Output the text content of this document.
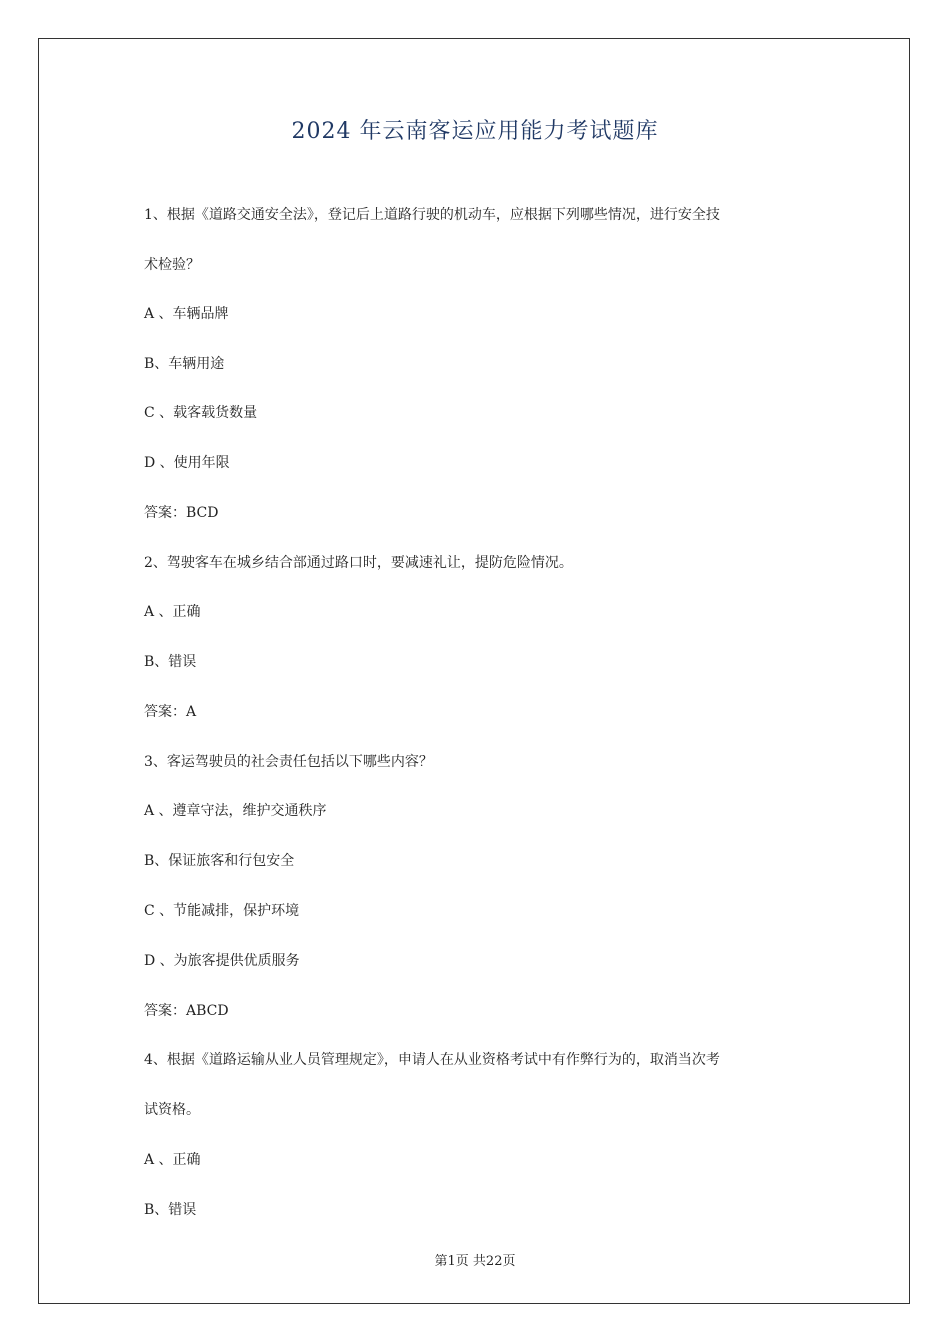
2024 年云南客运应用能力考试题库
1、根据《道路交通安全法》，登记后上道路行驶的机动车，应根据下列哪些情况，进行安全技
术检验？
A 、车辆品牌
B、车辆用途
C 、载客载货数量
D 、使用年限
答案：BCD
2、驾驶客车在城乡结合部通过路口时，要减速礼让，提防危险情况。
A 、正确
B、错误
答案：A
3、客运驾驶员的社会责任包括以下哪些内容？
A 、遵章守法，维护交通秩序
B、保证旅客和行包安全
C 、节能减排，保护环境
D 、为旅客提供优质服务
答案：ABCD
4、根据《道路运输从业人员管理规定》，申请人在从业资格考试中有作弊行为的，取消当次考
试资格。
A 、正确
B、错误
第1页 共22页
